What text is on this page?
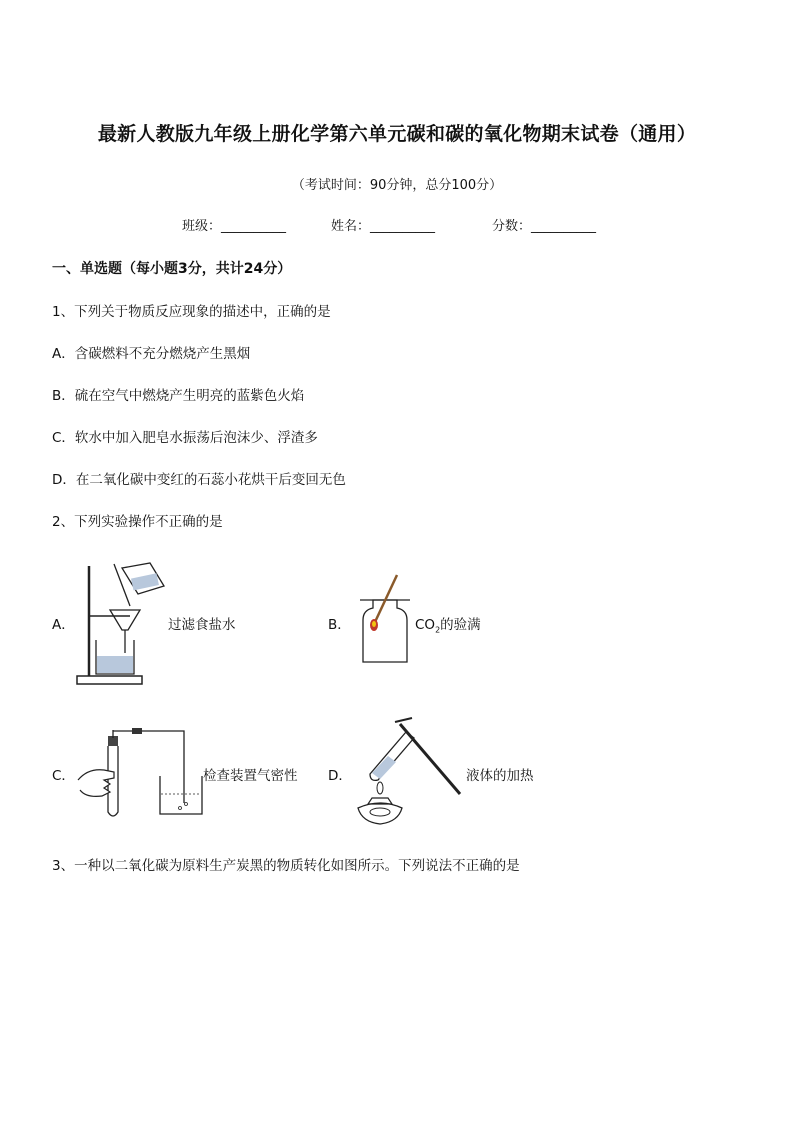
最新人教版九年级上册化学第六单元碳和碳的氧化物期末试卷（通用）
（考试时间：90分钟，总分100分）
班级：__________	姓名：__________	分数：__________
一、单选题（每小题3分，共计24分）
1、下列关于物质反应现象的描述中，正确的是
A．含碳燃料不充分燃烧产生黑烟
B．硫在空气中燃烧产生明亮的蓝紫色火焰
C．软水中加入肥皂水振荡后泡沫少、浮渣多
D．在二氧化碳中变红的石蕊小花烘干后变回无色
2、下列实验操作不正确的是
A．	过滤食盐水	B．	$CO_2$的验满
C．	检查装置气密性 D．	液体的加热
3、一种以二氧化碳为原料生产炭黑的物质转化如图所示。下列说法不正确的是
